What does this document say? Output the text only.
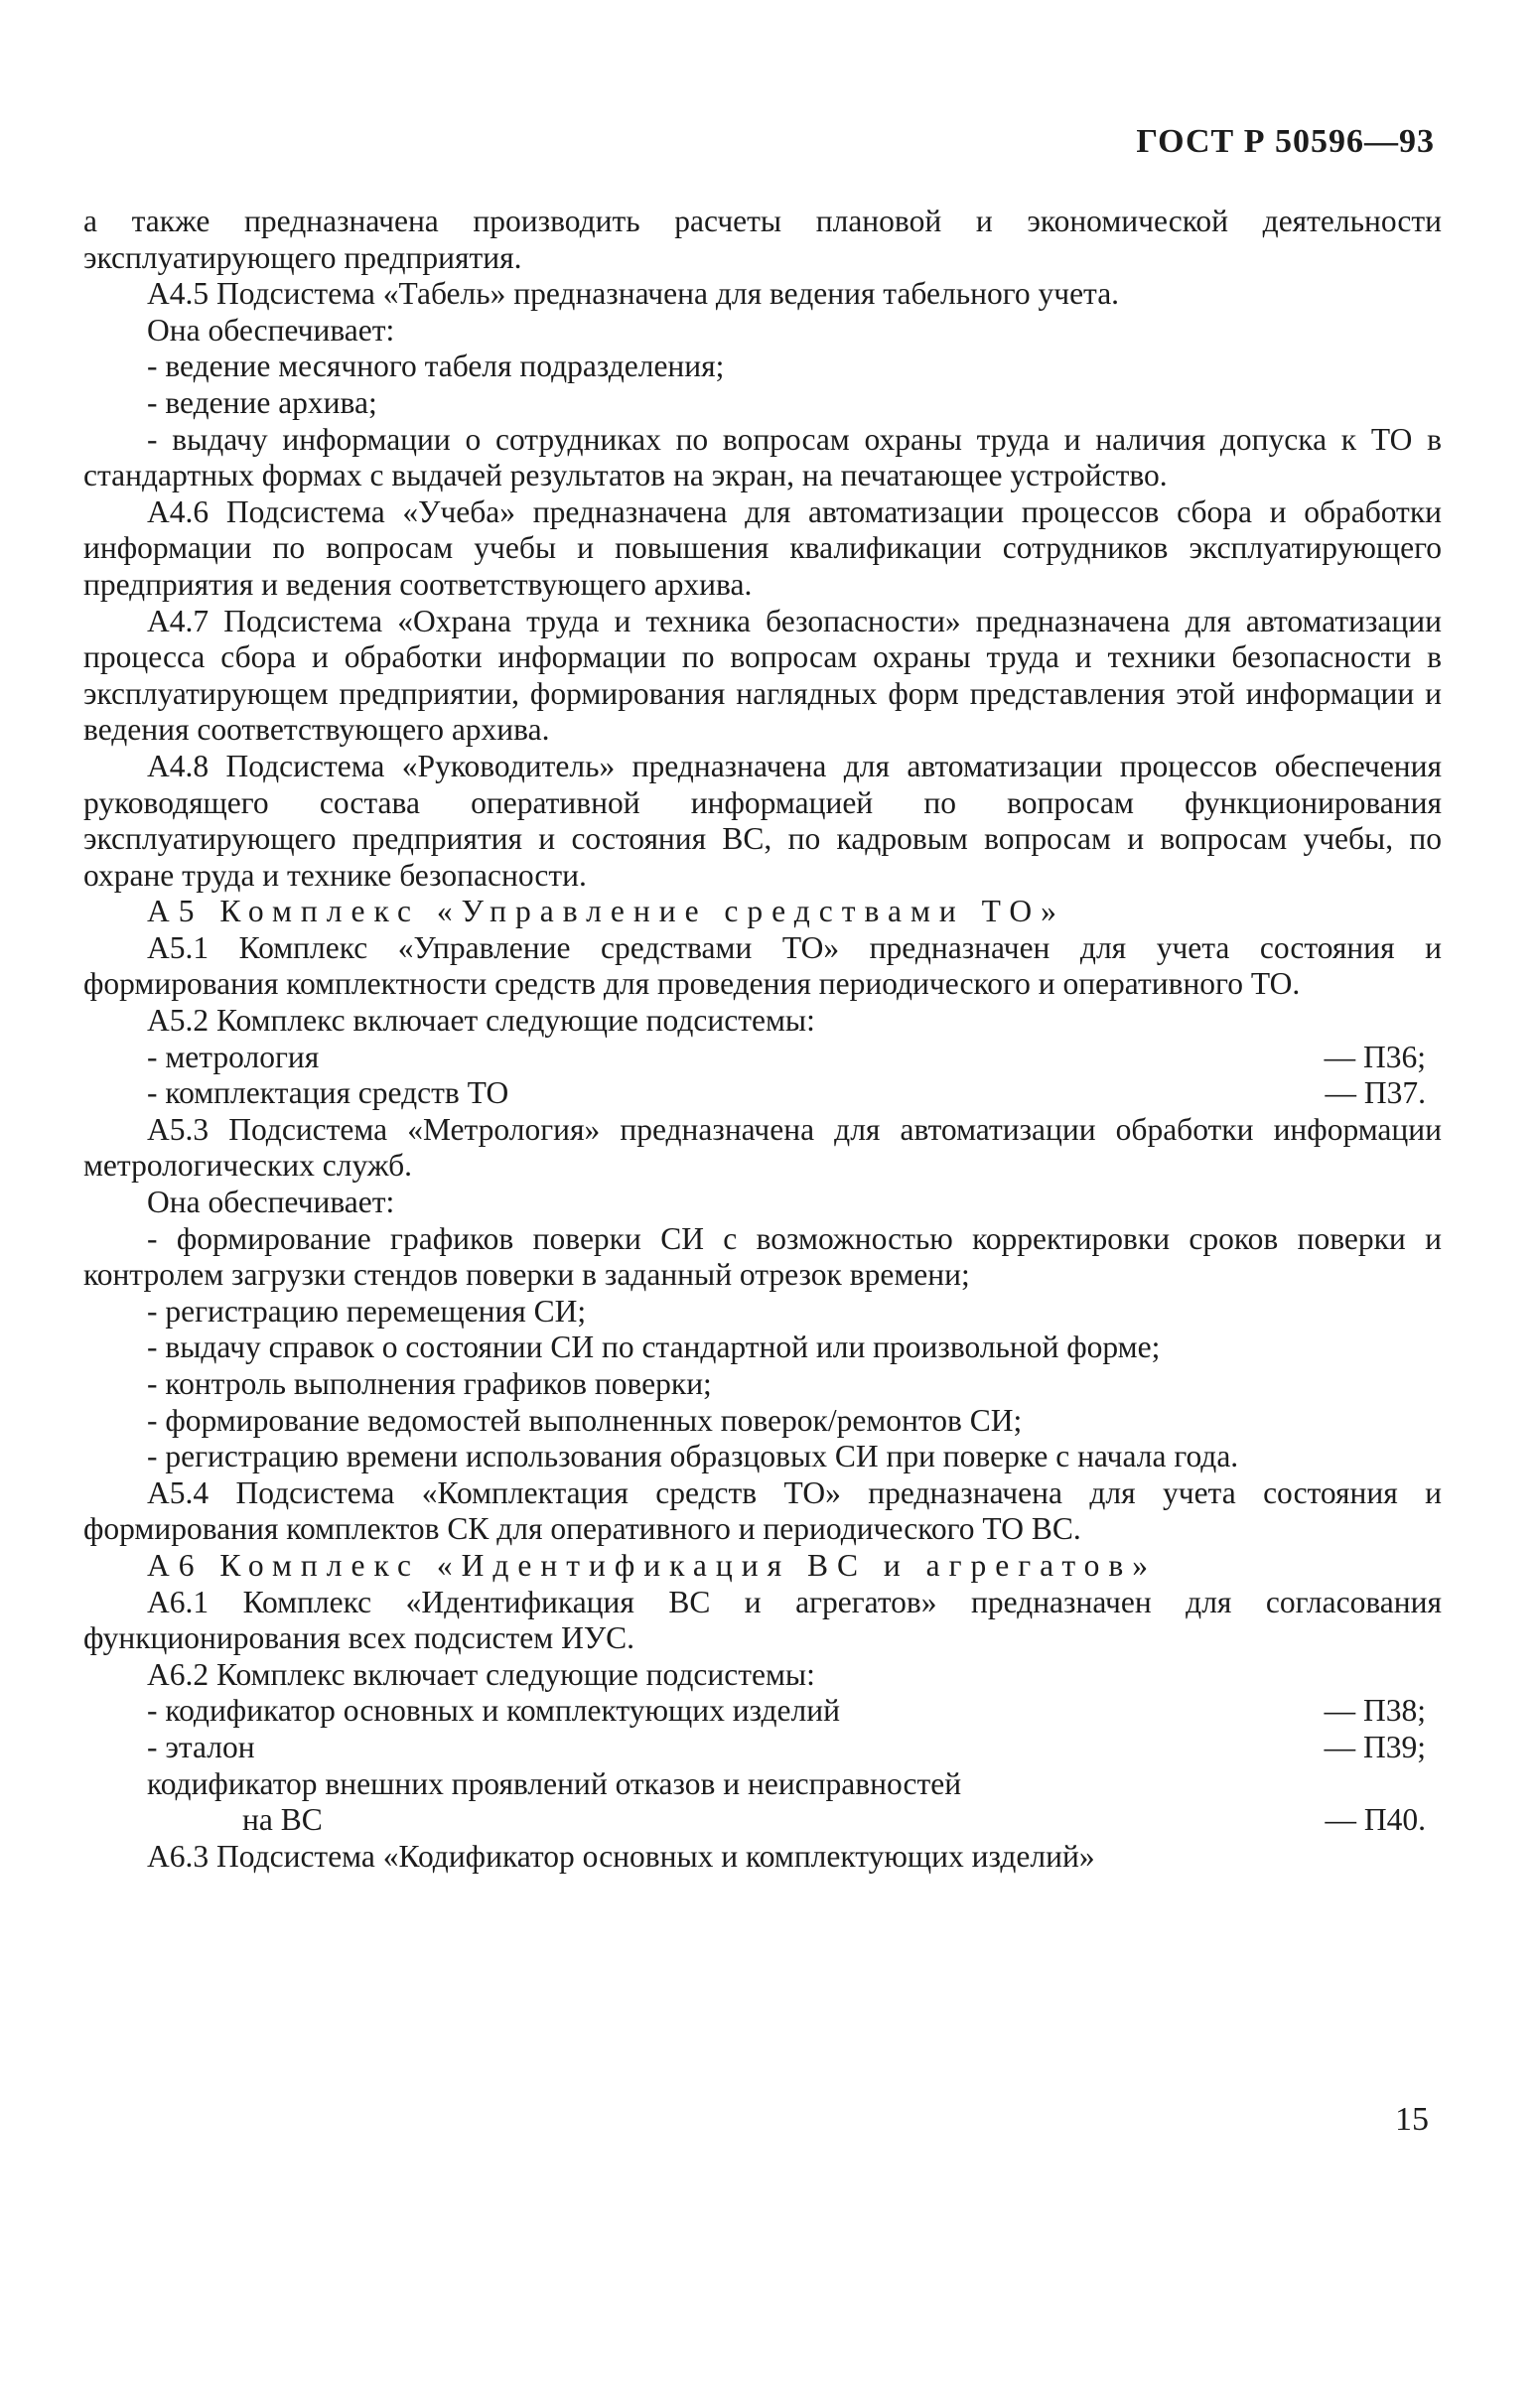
ГОСТ Р 50596—93

а также предназначена производить расчеты плановой и экономической деятельности эксплуатирующего предприятия.

А4.5 Подсистема «Табель» предназначена для ведения табельного учета.

Она обеспечивает:

- ведение месячного табеля подразделения;

- ведение архива;

- выдачу информации о сотрудниках по вопросам охраны труда и наличия допуска к ТО в стандартных формах с выдачей результатов на экран, на печатающее устройство.

А4.6 Подсистема «Учеба» предназначена для автоматизации процессов сбора и обработки информации по вопросам учебы и повышения квалификации сотрудников эксплуатирующего предприятия и ведения соответствующего архива.

А4.7 Подсистема «Охрана труда и техника безопасности» предназначена для автоматизации процесса сбора и обработки информации по вопросам охраны труда и техники безопасности в эксплуатирующем предприятии, формирования наглядных форм представления этой информации и ведения соответствующего архива.

А4.8 Подсистема «Руководитель» предназначена для автоматизации процессов обеспечения руководящего состава оперативной информацией по вопросам функционирования эксплуатирующего предприятия и состояния ВС, по кадровым вопросам и вопросам учебы, по охране труда и технике безопасности.

А5 Комплекс «Управление средствами ТО»

А5.1 Комплекс «Управление средствами ТО» предназначен для учета состояния и формирования комплектности средств для проведения периодического и оперативного ТО.

А5.2 Комплекс включает следующие подсистемы:

- метрология	— П36;
- комплектация средств ТО	— П37.

А5.3 Подсистема «Метрология» предназначена для автоматизации обработки информации метрологических служб.

Она обеспечивает:

- формирование графиков поверки СИ с возможностью корректировки сроков поверки и контролем загрузки стендов поверки в заданный отрезок времени;

- регистрацию перемещения СИ;

- выдачу справок о состоянии СИ по стандартной или произвольной форме;

- контроль выполнения графиков поверки;

- формирование ведомостей выполненных поверок/ремонтов СИ;

- регистрацию времени использования образцовых СИ при поверке с начала года.

А5.4 Подсистема «Комплектация средств ТО» предназначена для учета состояния и формирования комплектов СК для оперативного и периодического ТО ВС.

А6 Комплекс «Идентификация ВС и агрегатов»

А6.1 Комплекс «Идентификация ВС и агрегатов» предназначен для согласования функционирования всех подсистем ИУС.

А6.2 Комплекс включает следующие подсистемы:

- кодификатор основных и комплектующих изделий	— П38;
- эталон	— П39;
кодификатор внешних проявлений отказов и неисправностей
на ВС	— П40.

А6.3 Подсистема «Кодификатор основных и комплектующих изделий»

15
